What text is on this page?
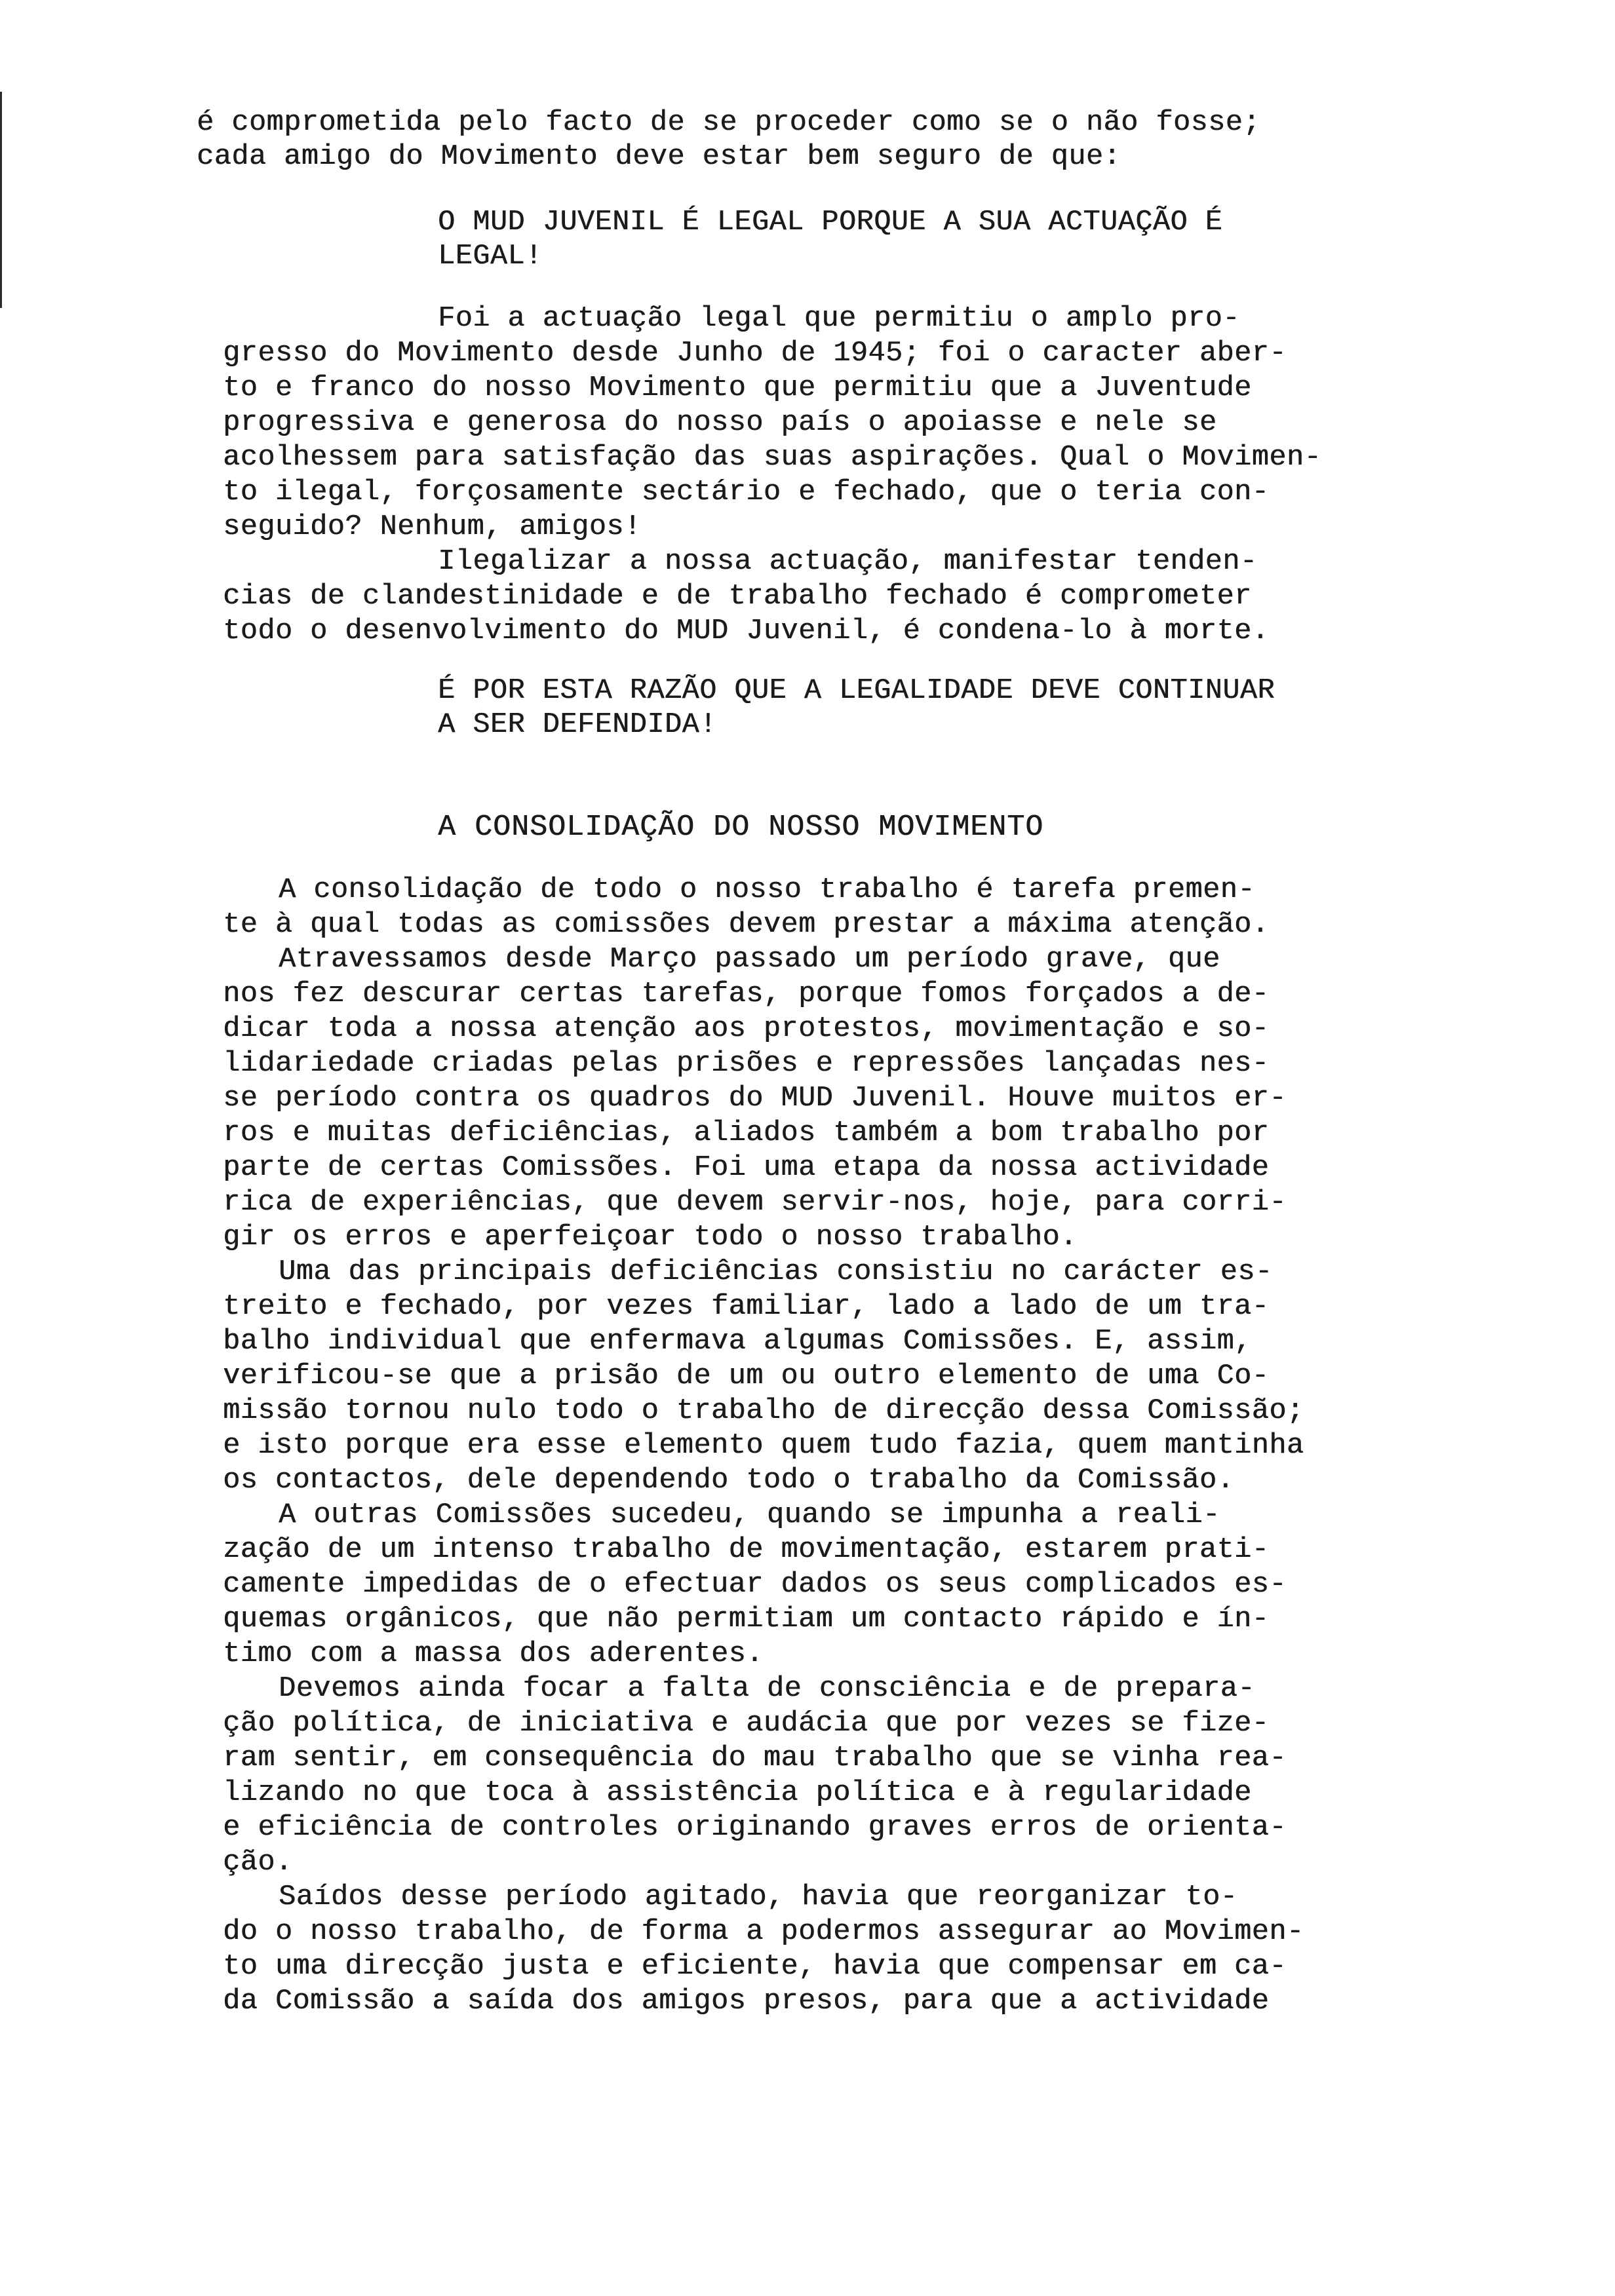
é comprometida pelo facto de se proceder como se o não fosse;
cada amigo do Movimento deve estar bem seguro de que:
O MUD JUVENIL É LEGAL PORQUE A SUA ACTUAÇÃO É
LEGAL!
Foi a actuação legal que permitiu o amplo pro-
gresso do Movimento desde Junho de 1945; foi o caracter aber-
to e franco do nosso Movimento que permitiu que a Juventude
progressiva e generosa do nosso país o apoiasse e nele se
acolhessem para satisfação das suas aspirações. Qual o Movimen-
to ilegal, forçosamente sectário e fechado, que o teria con-
seguido? Nenhum, amigos!
Ilegalizar a nossa actuação, manifestar tenden-
cias de clandestinidade e de trabalho fechado é comprometer
todo o desenvolvimento do MUD Juvenil, é condena-lo à morte.
É POR ESTA RAZÃO QUE A LEGALIDADE DEVE CONTINUAR
A SER DEFENDIDA!
A CONSOLIDAÇÃO DO NOSSO MOVIMENTO
A consolidação de todo o nosso trabalho é tarefa premen-
te à qual todas as comissões devem prestar a máxima atenção.
Atravessamos desde Março passado um período grave, que
nos fez descurar certas tarefas, porque fomos forçados a de-
dicar toda a nossa atenção aos protestos, movimentação e so-
lidariedade criadas pelas prisões e repressões lançadas nes-
se período contra os quadros do MUD Juvenil. Houve muitos er-
ros e muitas deficiências, aliados também a bom trabalho por
parte de certas Comissões. Foi uma etapa da nossa actividade
rica de experiências, que devem servir-nos, hoje, para corri-
gir os erros e aperfeiçoar todo o nosso trabalho.
Uma das principais deficiências consistiu no carácter es-
treito e fechado, por vezes familiar, lado a lado de um tra-
balho individual que enfermava algumas Comissões. E, assim,
verificou-se que a prisão de um ou outro elemento de uma Co-
missão tornou nulo todo o trabalho de direcção dessa Comissão;
e isto porque era esse elemento quem tudo fazia, quem mantinha
os contactos, dele dependendo todo o trabalho da Comissão.
A outras Comissões sucedeu, quando se impunha a reali-
zação de um intenso trabalho de movimentação, estarem prati-
camente impedidas de o efectuar dados os seus complicados es-
quemas orgânicos, que não permitiam um contacto rápido e ín-
timo com a massa dos aderentes.
Devemos ainda focar a falta de consciência e de prepara-
ção política, de iniciativa e audácia que por vezes se fize-
ram sentir, em consequência do mau trabalho que se vinha rea-
lizando no que toca à assistência política e à regularidade
e eficiência de controles originando graves erros de orienta-
ção.
Saídos desse período agitado, havia que reorganizar to-
do o nosso trabalho, de forma a podermos assegurar ao Movimen-
to uma direcção justa e eficiente, havia que compensar em ca-
da Comissão a saída dos amigos presos, para que a actividade
